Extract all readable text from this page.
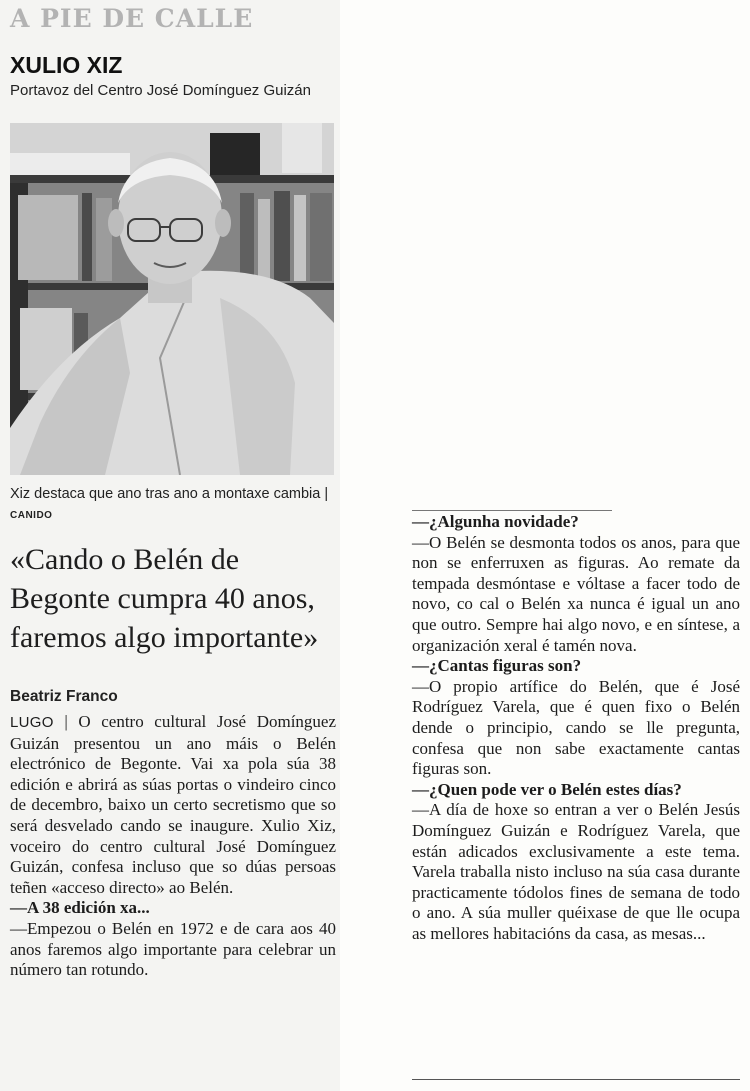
A PIE DE CALLE
XULIO XIZ
Portavoz del Centro José Domínguez Guizán
Xiz destaca que ano tras ano a montaxe cambia | CANIDO
«Cando o Belén de Begonte cumpra 40 anos, faremos algo importante»
Beatriz Franco

LUGO | O centro cultural José Domínguez Guizán presentou un ano máis o Belén electrónico de Begonte. Vai xa pola súa 38 edición e abrirá as súas portas o vindeiro cinco de decembro, baixo un certo secretismo que so será desvelado cando se inaugure. Xulio Xiz, voceiro do centro cultural José Domínguez Guizán, confesa incluso que so dúas persoas teñen «acceso directo» ao Belén.

—A 38 edición xa...

—Empezou o Belén en 1972 e de cara aos 40 anos faremos algo importante para celebrar un número tan rotundo.

—¿Algunha novidade?

—O Belén se desmonta todos os anos, para que non se enferruxen as figuras. Ao remate da tempada desmóntase e vóltase a facer todo de novo, co cal o Belén xa nunca é igual un ano que outro. Sempre hai algo novo, e en síntese, a organización xeral é tamén nova.

—¿Cantas figuras son?

—O propio artífice do Belén, que é José Rodríguez Varela, que é quen fixo o Belén dende o principio, cando se lle pregunta, confesa que non sabe exactamente cantas figuras son.

—¿Quen pode ver o Belén estes días?

—A día de hoxe so entran a ver o Belén Jesús Domínguez Guizán e Rodríguez Varela, que están adicados exclusivamente a este tema. Varela traballa nisto incluso na súa casa durante practicamente tódolos fines de semana de todo o ano. A súa muller quéixase de que lle ocupa as mellores habitacións da casa, as mesas...
